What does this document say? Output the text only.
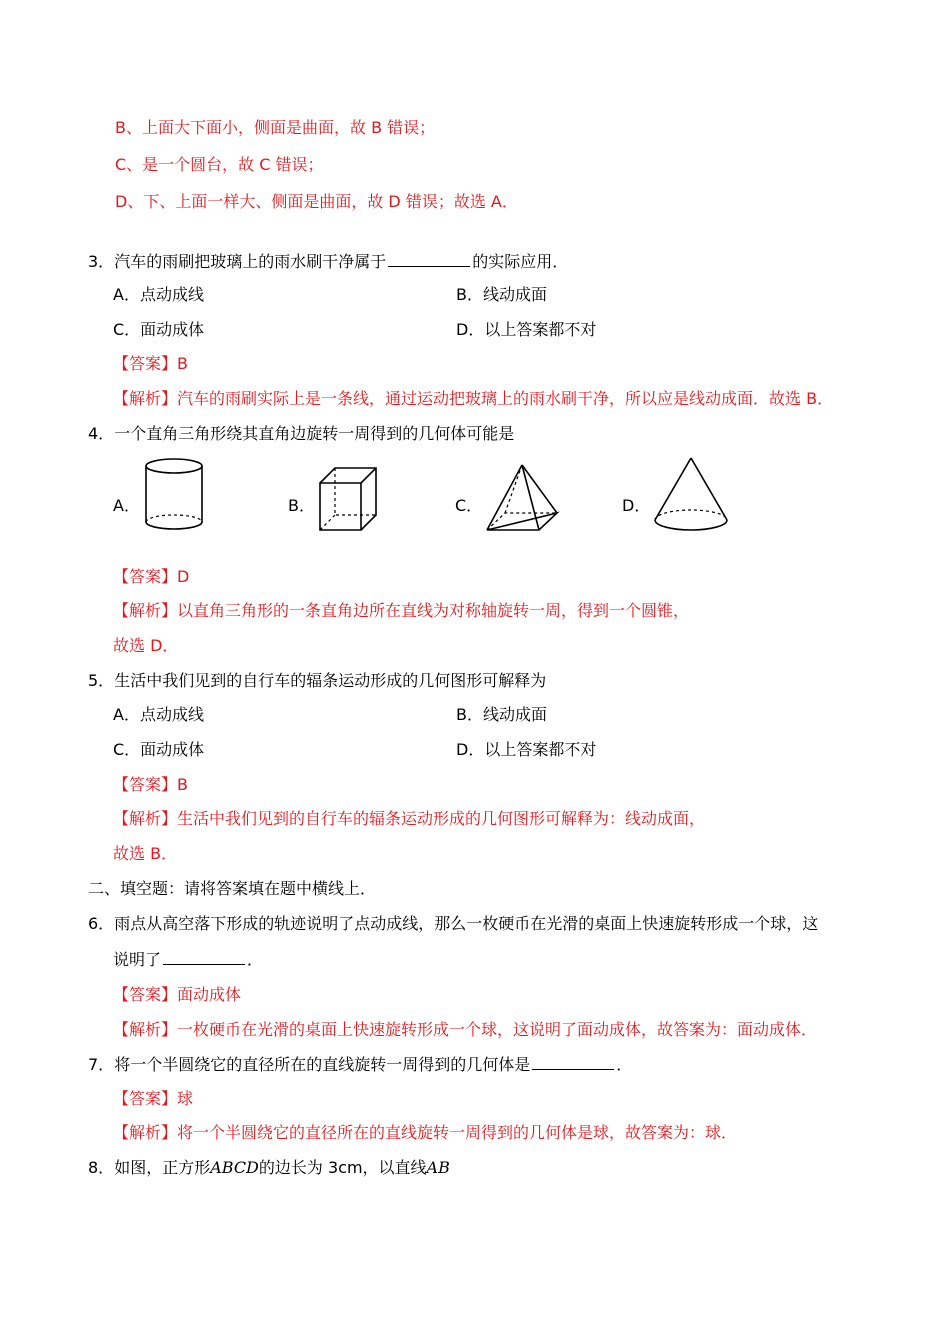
B、上面大下面小，侧面是曲面，故 B 错误；
C、是一个圆台，故 C 错误；
D、下、上面一样大、侧面是曲面，故 D 错误；故选 A．
3．汽车的雨刷把玻璃上的雨水刷干净属于	的实际应用．
A．点动成线	B．线动成面
C．面动成体	D．以上答案都不对
【答案】B
【解析】汽车的雨刷实际上是一条线，通过运动把玻璃上的雨水刷干净，所以应是线动成面．故选 B．
4．一个直角三角形绕其直角边旋转一周得到的几何体可能是
A．	B．	C．	D．
【答案】D
【解析】以直角三角形的一条直角边所在直线为对称轴旋转一周，得到一个圆锥，
故选 D．
5．生活中我们见到的自行车的辐条运动形成的几何图形可解释为
A．点动成线	B．线动成面
C．面动成体	D．以上答案都不对
【答案】B
【解析】生活中我们见到的自行车的辐条运动形成的几何图形可解释为：线动成面，
故选 B．
二、填空题：请将答案填在题中横线上．
6．雨点从高空落下形成的轨迹说明了点动成线，那么一枚硬币在光滑的桌面上快速旋转形成一个球，这
说明了	．
【答案】面动成体
【解析】一枚硬币在光滑的桌面上快速旋转形成一个球，这说明了面动成体，故答案为：面动成体．
7．将一个半圆绕它的直径所在的直线旋转一周得到的几何体是	．
【答案】球
【解析】将一个半圆绕它的直径所在的直线旋转一周得到的几何体是球，故答案为：球．
8．如图，正方形ABCD的边长为 3cm，以直线AB
